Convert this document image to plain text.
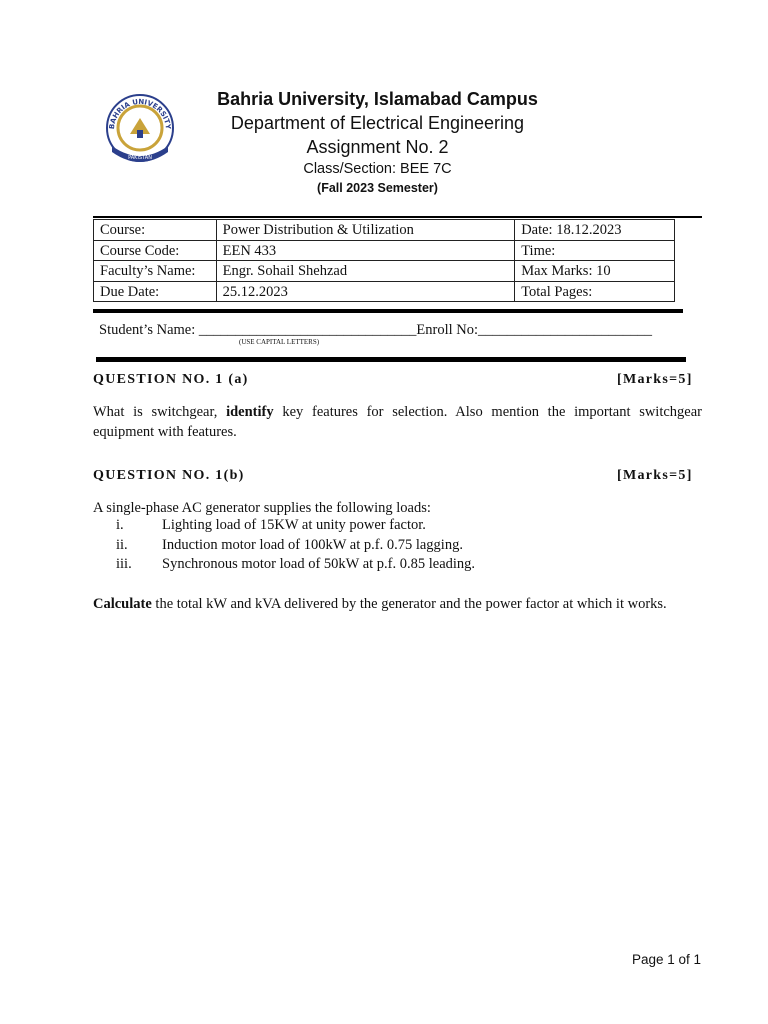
BAHRIA UNIVERSITY
PAKISTAN
Bahria University, Islamabad Campus
Department of Electrical Engineering
Assignment No. 2
Class/Section: BEE 7C
(Fall 2023 Semester)
Course:	Power Distribution & Utilization	Date: 18.12.2023
Course Code:	EEN 433	Time:
Faculty’s Name:	Engr. Sohail Shehzad	Max Marks: 10
Due Date:	25.12.2023	Total Pages:
Student’s Name: ______________________________Enroll No:________________________
(USE CAPITAL LETTERS)
QUESTION NO. 1 (a)	[Marks=5]
What is switchgear, identify key features for selection. Also mention the important switchgear equipment with features.
QUESTION NO. 1(b)	[Marks=5]
A single-phase AC generator supplies the following loads:
i.	Lighting load of 15KW at unity power factor.
ii. Induction motor load of 100kW at p.f. 0.75 lagging.
iii. Synchronous motor load of 50kW at p.f. 0.85 leading.
Calculate the total kW and kVA delivered by the generator and the power factor at which it works.
Page 1 of 1
